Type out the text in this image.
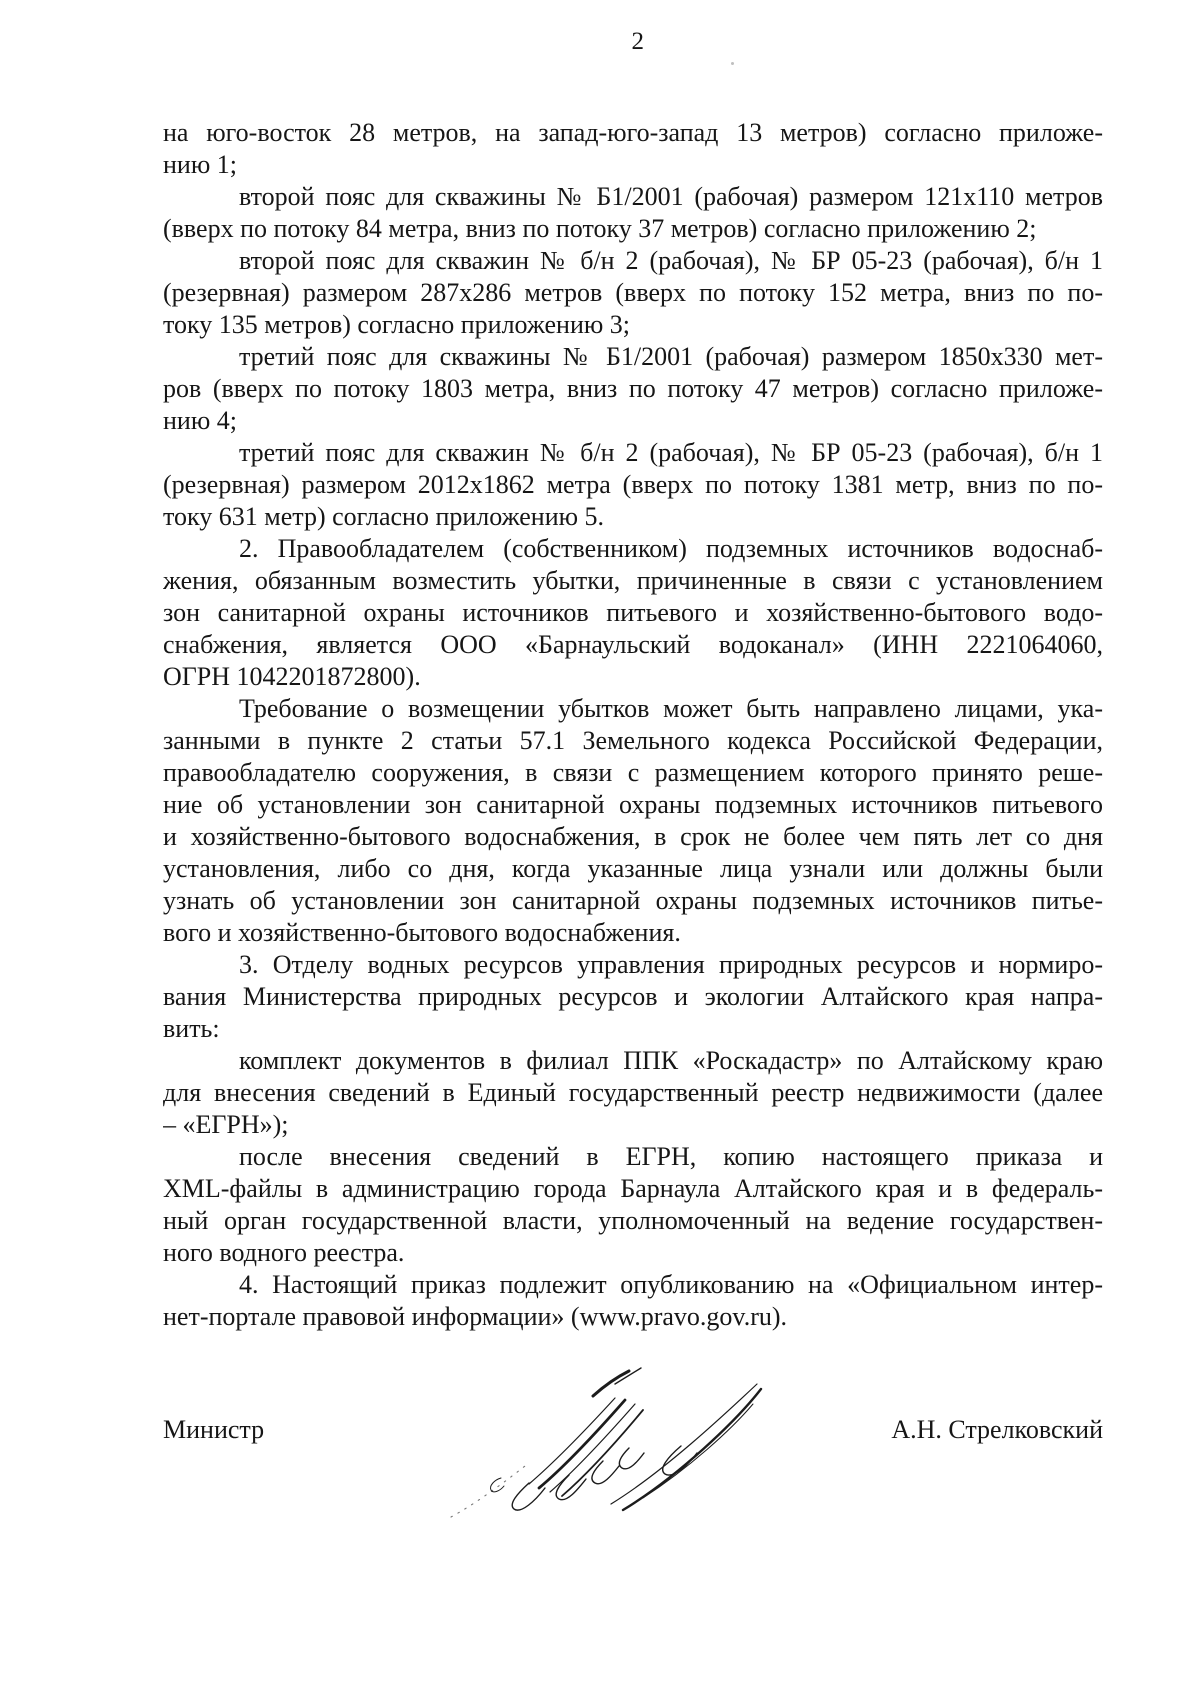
2
на юго-восток 28 метров, на запад-юго-запад 13 метров) согласно приложе-
нию 1;
второй пояс для скважины № Б1/2001 (рабочая) размером 121х110 метров
(вверх по потоку 84 метра, вниз по потоку 37 метров) согласно приложению 2;
второй пояс для скважин № б/н 2 (рабочая), № БР 05-23 (рабочая), б/н 1
(резервная) размером 287х286 метров (вверх по потоку 152 метра, вниз по по-
току 135 метров) согласно приложению 3;
третий пояс для скважины № Б1/2001 (рабочая) размером 1850х330 мет-
ров (вверх по потоку 1803 метра, вниз по потоку 47 метров) согласно приложе-
нию 4;
третий пояс для скважин № б/н 2 (рабочая), № БР 05-23 (рабочая), б/н 1
(резервная) размером 2012х1862 метра (вверх по потоку 1381 метр, вниз по по-
току 631 метр) согласно приложению 5.
2. Правообладателем (собственником) подземных источников водоснаб-
жения, обязанным возместить убытки, причиненные в связи с установлением
зон санитарной охраны источников питьевого и хозяйственно-бытового водо-
снабжения, является ООО «Барнаульский водоканал» (ИНН 2221064060,
ОГРН 1042201872800).
Требование о возмещении убытков может быть направлено лицами, ука-
занными в пункте 2 статьи 57.1 Земельного кодекса Российской Федерации,
правообладателю сооружения, в связи с размещением которого принято реше-
ние об установлении зон санитарной охраны подземных источников питьевого
и хозяйственно-бытового водоснабжения, в срок не более чем пять лет со дня
установления, либо со дня, когда указанные лица узнали или должны были
узнать об установлении зон санитарной охраны подземных источников питье-
вого и хозяйственно-бытового водоснабжения.
3. Отделу водных ресурсов управления природных ресурсов и нормиро-
вания Министерства природных ресурсов и экологии Алтайского края напра-
вить:
комплект документов в филиал ППК «Роскадастр» по Алтайскому краю
для внесения сведений в Единый государственный реестр недвижимости (далее
– «ЕГРН»);
после внесения сведений в ЕГРН, копию настоящего приказа и
XML-файлы в администрацию города Барнаула Алтайского края и в федераль-
ный орган государственной власти, уполномоченный на ведение государствен-
ного водного реестра.
4. Настоящий приказ подлежит опубликованию на «Официальном интер-
нет-портале правовой информации» (www.pravo.gov.ru).
Министр	А.Н. Стрелковский
